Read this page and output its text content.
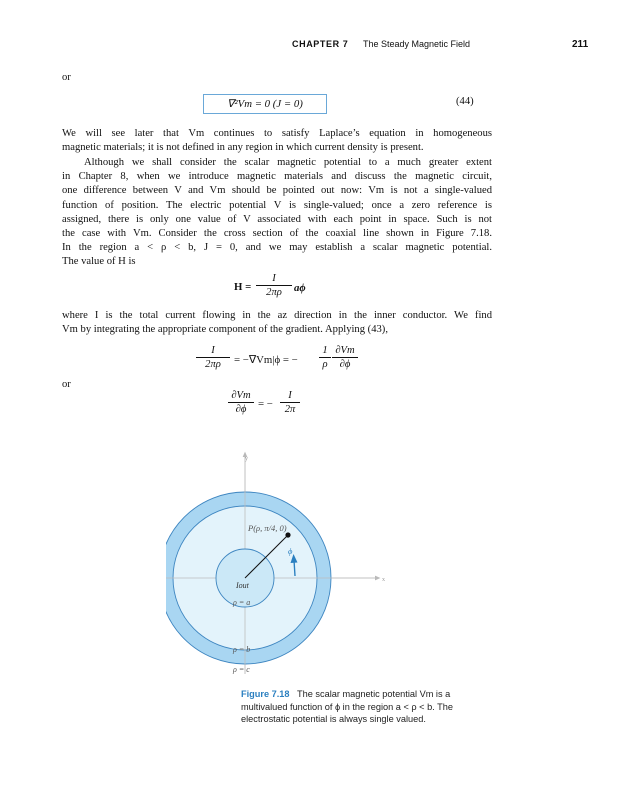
CHAPTER 7 The Steady Magnetic Field	211

or

∇²Vm = 0 (J = 0)	(44)
We will see later that Vm continues to satisfy Laplace’s equation in homogeneous
magnetic materials; it is not defined in any region in which current density is present.
Although we shall consider the scalar magnetic potential to a much greater extent
in Chapter 8, when we introduce magnetic materials and discuss the magnetic circuit,
one difference between V and Vm should be pointed out now: Vm is not a single-valued
function of position. The electric potential V is single-valued; once a zero reference is
assigned, there is only one value of V associated with each point in space. Such is not
the case with Vm. Consider the cross section of the coaxial line shown in Figure 7.18.
In the region a < ρ < b, J = 0, and we may establish a scalar magnetic potential.
The value of H is
H =
I
2πρ	aϕ
where I is the total current flowing in the az direction in the inner conductor. We find
Vm by integrating the appropriate component of the gradient. Applying (43),
I
2πρ	= −∇Vm|ϕ = −
1
ρ
∂Vm
∂ϕ

or

∂Vm
∂ϕ	= −
I
2π
y
x
P(ρ, π/4, 0)
ϕ
Iout
ρ = a
ρ = b
ρ = c
Figure 7.18 The scalar magnetic potential Vm is a multivalued function of ϕ in the region a < ρ < b. The electrostatic potential is always single valued.
